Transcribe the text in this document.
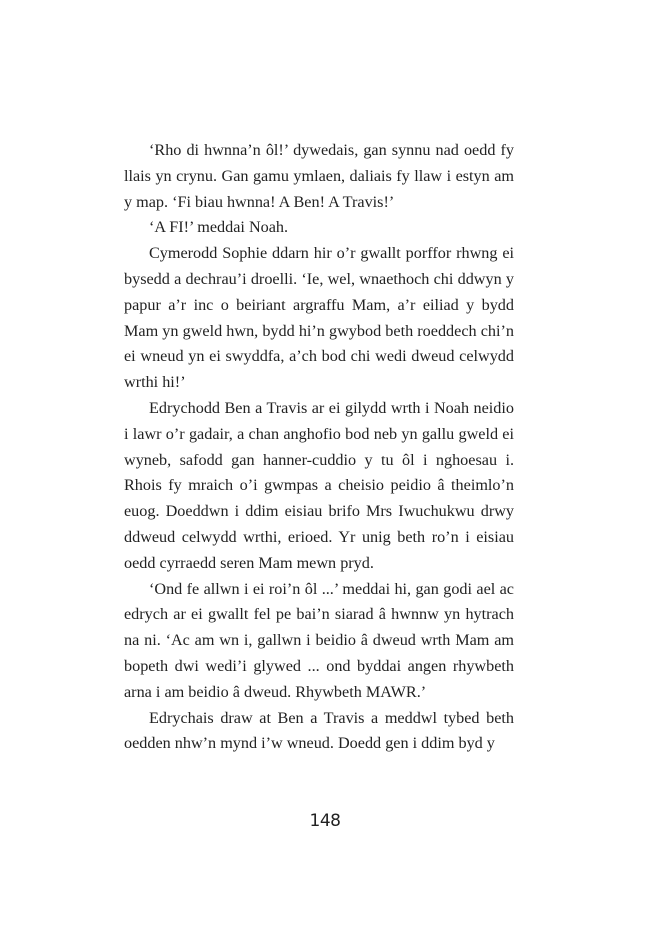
‘Rho di hwnna’n ôl!’ dywedais, gan synnu nad oedd fy llais yn crynu. Gan gamu ymlaen, daliais fy llaw i estyn am y map. ‘Fi biau hwnna! A Ben! A Travis!’

‘A FI!’ meddai Noah.

Cymerodd Sophie ddarn hir o’r gwallt porffor rhwng ei bysedd a dechrau’i droelli. ‘Ie, wel, wnaethoch chi ddwyn y papur a’r inc o beiriant argraffu Mam, a’r eiliad y bydd Mam yn gweld hwn, bydd hi’n gwybod beth roeddech chi’n ei wneud yn ei swyddfa, a’ch bod chi wedi dweud celwydd wrthi hi!’

Edrychodd Ben a Travis ar ei gilydd wrth i Noah neidio i lawr o’r gadair, a chan anghofio bod neb yn gallu gweld ei wyneb, safodd gan hanner-cuddio y tu ôl i nghoesau i. Rhois fy mraich o’i gwmpas a cheisio peidio â theimlo’n euog. Doeddwn i ddim eisiau brifo Mrs Iwuchukwu drwy ddweud celwydd wrthi, erioed. Yr unig beth ro’n i eisiau oedd cyrraedd seren Mam mewn pryd.

‘Ond fe allwn i ei roi’n ôl ...’ meddai hi, gan godi ael ac edrych ar ei gwallt fel pe bai’n siarad â hwnnw yn hytrach na ni. ‘Ac am wn i, gallwn i beidio â dweud wrth Mam am bopeth dwi wedi’i glywed ... ond byddai angen rhywbeth arna i am beidio â dweud. Rhywbeth MAWR.’

Edrychais draw at Ben a Travis a meddwl tybed beth oedden nhw’n mynd i’w wneud. Doedd gen i ddim byd y

148
